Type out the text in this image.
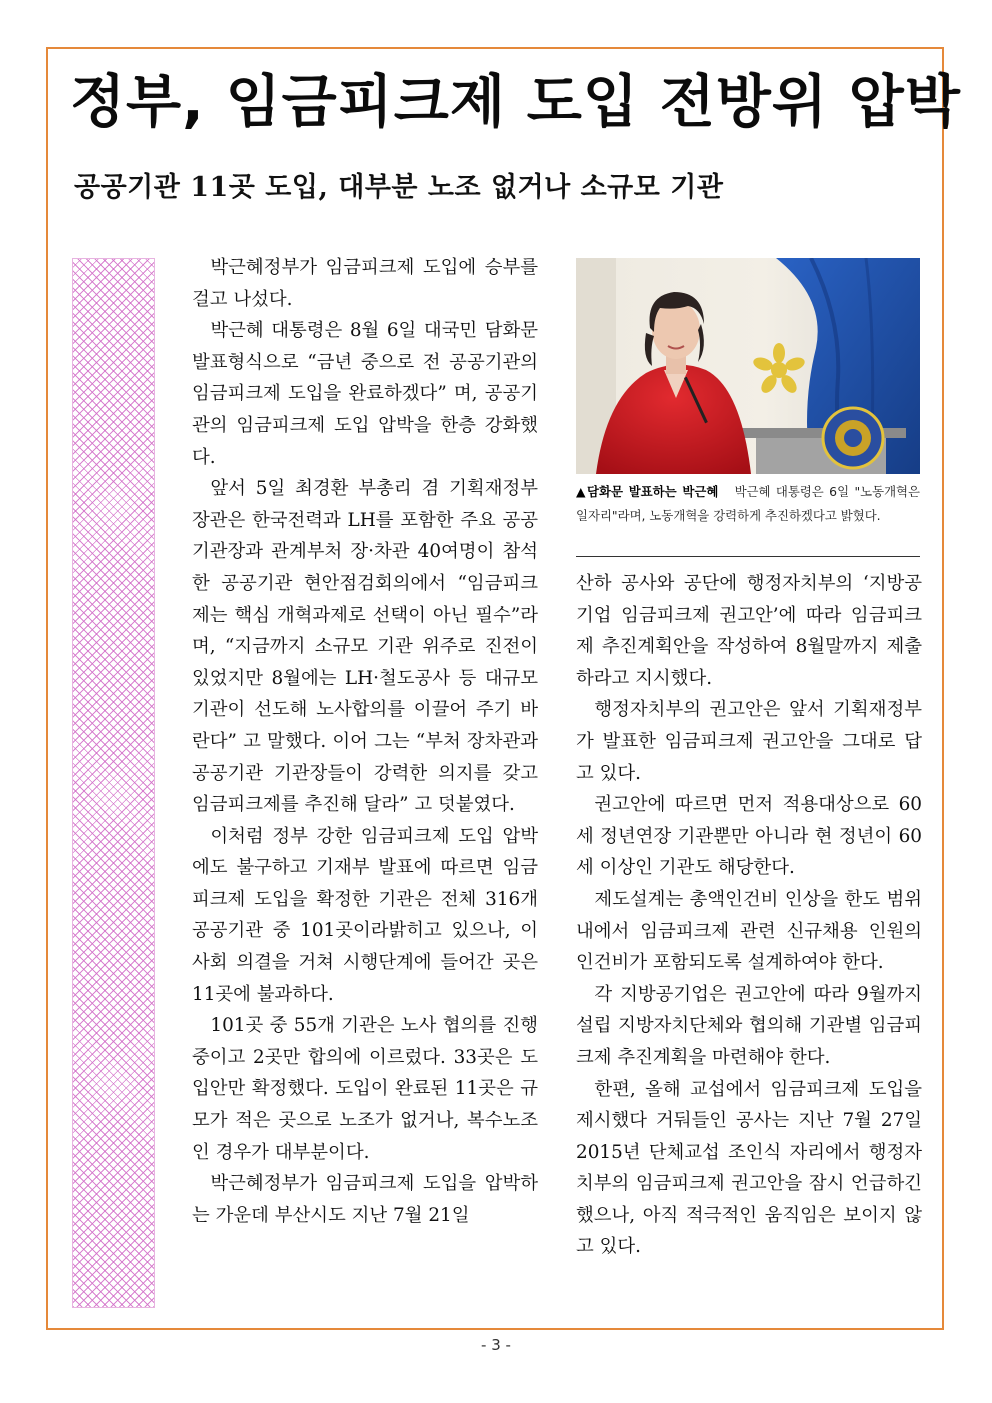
정부, 임금피크제 도입 전방위 압박
공공기관 11곳 도입, 대부분 노조 없거나 소규모 기관

박근혜정부가 임금피크제 도입에 승부를 걸고 나섰다.

박근혜 대통령은 8월 6일 대국민 담화문 발표형식으로 “금년 중으로 전 공공기관의 임금피크제 도입을 완료하겠다” 며, 공공기관의 임금피크제 도입 압박을 한층 강화했다.

앞서 5일 최경환 부총리 겸 기획재정부 장관은 한국전력과 LH를 포함한 주요 공공기관장과 관계부처 장·차관 40여명이 참석한 공공기관 현안점검회의에서 “임금피크제는 핵심 개혁과제로 선택이 아닌 필수”라며, “지금까지 소규모 기관 위주로 진전이 있었지만 8월에는 LH·철도공사 등 대규모 기관이 선도해 노사합의를 이끌어 주기 바란다” 고 말했다. 이어 그는 “부처 장차관과 공공기관 기관장들이 강력한 의지를 갖고 임금피크제를 추진해 달라” 고 덧붙였다.

이처럼 정부 강한 임금피크제 도입 압박에도 불구하고 기재부 발표에 따르면 임금피크제 도입을 확정한 기관은 전체 316개 공공기관 중 101곳이라밝히고 있으나, 이사회 의결을 거쳐 시행단계에 들어간 곳은 11곳에 불과하다.

101곳 중 55개 기관은 노사 협의를 진행 중이고 2곳만 합의에 이르렀다. 33곳은 도입안만 확정했다. 도입이 완료된 11곳은 규모가 적은 곳으로 노조가 없거나, 복수노조인 경우가 대부분이다.

박근혜정부가 임금피크제 도입을 압박하는 가운데 부산시도 지난 7월 21일

▲담화문 발표하는 박근혜 박근혜 대통령은 6일 "노동개혁은 일자리"라며, 노동개혁을 강력하게 추진하겠다고 밝혔다.

산하 공사와 공단에 행정자치부의 ‘지방공기업 임금피크제 권고안’에 따라 임금피크제 추진계획안을 작성하여 8월말까지 제출하라고 지시했다.

행정자치부의 권고안은 앞서 기획재정부가 발표한 임금피크제 권고안을 그대로 답고 있다.

권고안에 따르면 먼저 적용대상으로 60세 정년연장 기관뿐만 아니라 현 정년이 60세 이상인 기관도 해당한다.

제도설계는 총액인건비 인상을 한도 범위 내에서 임금피크제 관련 신규채용 인원의 인건비가 포함되도록 설계하여야 한다.

각 지방공기업은 권고안에 따라 9월까지 설립 지방자치단체와 협의해 기관별 임금피크제 추진계획을 마련해야 한다.

한편, 올해 교섭에서 임금피크제 도입을 제시했다 거둬들인 공사는 지난 7월 27일 2015년 단체교섭 조인식 자리에서 행정자치부의 임금피크제 권고안을 잠시 언급하긴 했으나, 아직 적극적인 움직임은 보이지 않고 있다.

- 3 -
